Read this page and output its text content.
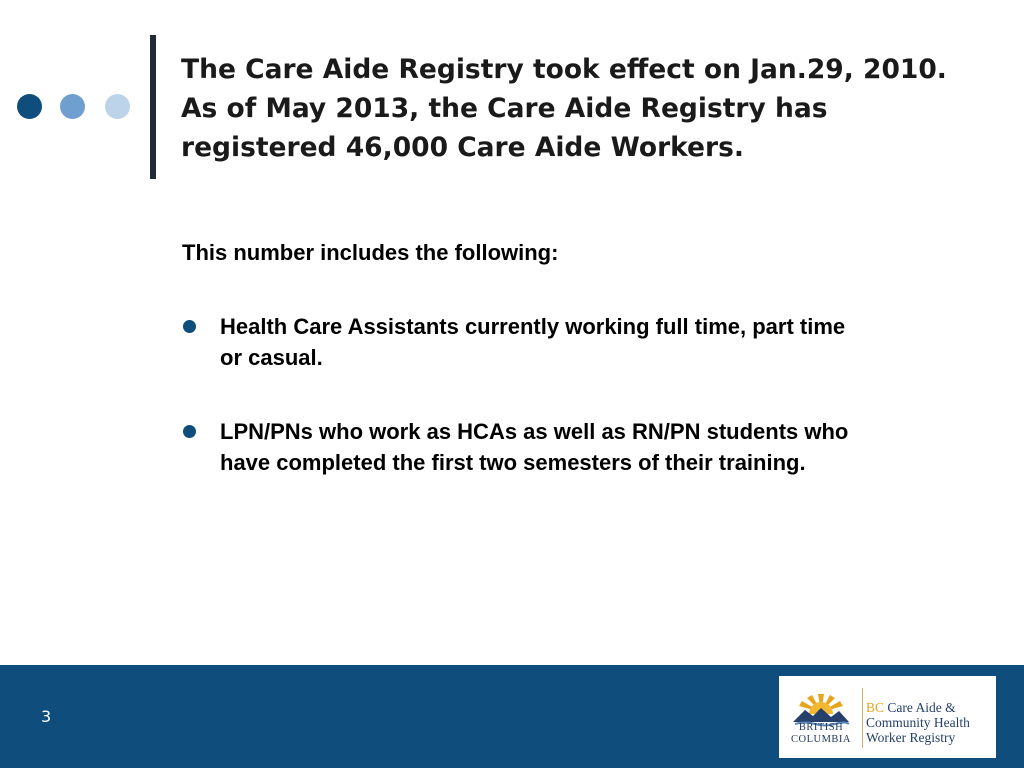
The Care Aide Registry took effect on Jan.29, 2010.
As of May 2013, the Care Aide Registry has
registered 46,000 Care Aide Workers.

This number includes the following:

Health Care Assistants currently working full time, part time
or casual.
LPN/PNs who work as HCAs as well as RN/PN students who
have completed the first two semesters of their training.
3
BRITISH
COLUMBIA
BC Care Aide &
Community Health
Worker Registry
